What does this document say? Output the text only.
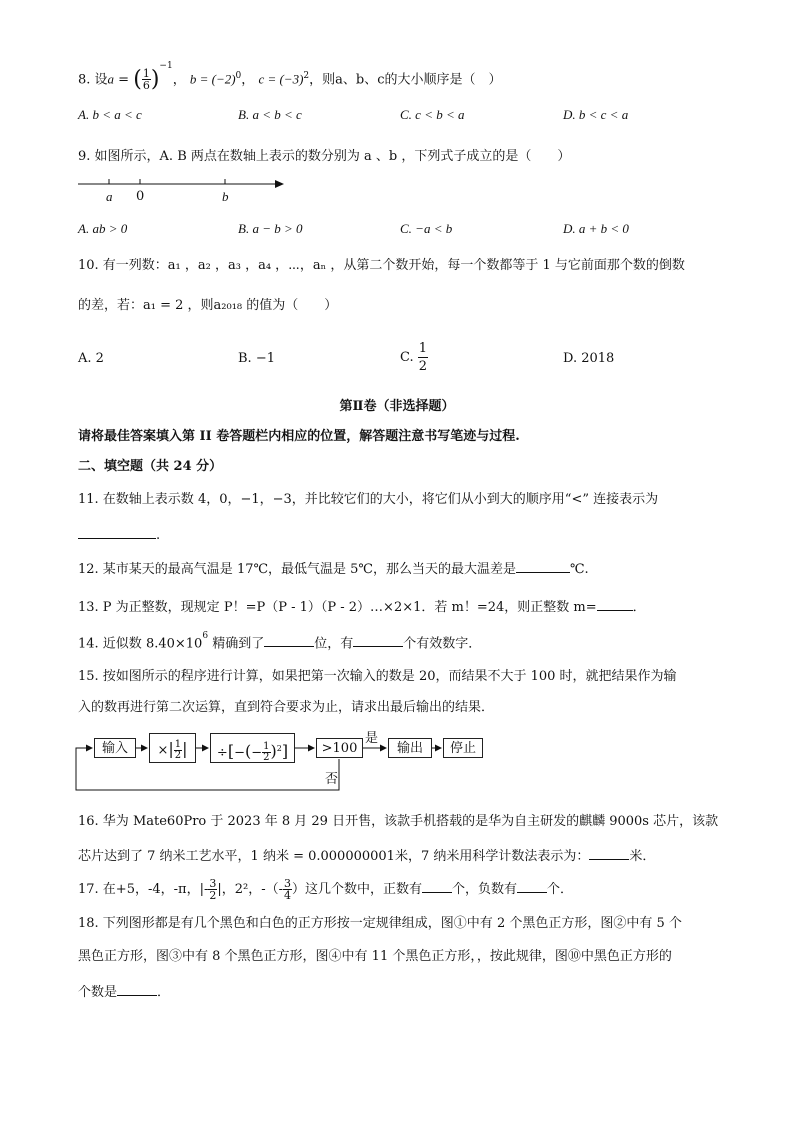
8. 设a = ( $\frac{1}{6} )^{-1}$， $b = (-2)^0$， $c = (-3)^2$，则a、b、c的大小顺序是（　）
A. b < a < c	B. a < b < c	C. c < b < a	D. b < c < a
9. 如图所示，A. B 两点在数轴上表示的数分别为 a 、b ，下列式子成立的是（　　）
a 0	b
A. ab > 0	B. a − b > 0	C. −a < b	D. a + b < 0
10. 有一列数：a₁ ，a₂ ，a₃ ，a₄ ，⋯，aₙ ，从第二个数开始，每一个数都等于 1 与它前面那个数的倒数
的差，若：a₁ = 2 ，则a₂₀₁₈ 的值为（　　）
A. 2	B. −1	C. $\frac{1}{2}$	D. 2018
第Ⅱ卷（非选择题）
请将最佳答案填入第 II 卷答题栏内相应的位置，解答题注意书写笔迹与过程.
二、填空题（共 24 分）
11. 在数轴上表示数 4，0，−1，−3，并比较它们的大小，将它们从小到大的顺序用“<” 连接表示为
.
12. 某市某天的最高气温是 17℃，最低气温是 5℃，那么当天的最大温差是	℃.
13. P 为正整数，现规定 P！=P（P - 1）（P - 2）…×2×1．若 m！=24，则正整数 m=	．
14. 近似数 $8.40\times 10^6$ 精确到了	位，有	个有效数字．
15. 按如图所示的程序进行计算，如果把第一次输入的数是 20，而结果不大于 100 时，就把结果作为输
入的数再进行第二次运算，直到符合要求为止，请求出最后输出的结果．
输入	×| $\frac{1}{2}$ |	÷[−(− $\frac{1}{2} )^2$]	>100
是
输出	停止
否
16. 华为 Mate60Pro 于 2023 年 8 月 29 日开售，该款手机搭载的是华为自主研发的麒麟 9000s 芯片，该款
芯片达到了 7 纳米工艺水平，1 纳米 = 0.000000001米，7 纳米用科学计数法表示为：	米．
17. 在+5，-4，-π，|- $\frac{3}{2}$ |，2²，-（- $\frac{3}{4}$ ）这几个数中，正数有 个，负数有 个．
18. 下列图形都是有几个黑色和白色的正方形按一定规律组成，图①中有 2 个黑色正方形，图②中有 5 个
黑色正方形，图③中有 8 个黑色正方形，图④中有 11 个黑色正方形，，按此规律，图⑩中黑色正方形的
个数是	．
